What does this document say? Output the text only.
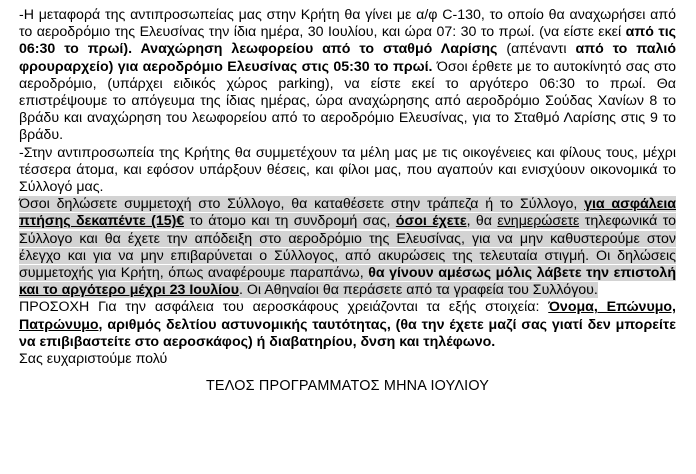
-Η μεταφορά της αντιπροσωπείας μας στην Κρήτη θα γίνει με α/φ C-130, το οποίο θα αναχωρήσει από το αεροδρόμιο της Ελευσίνας την ίδια ημέρα, 30 Ιουλίου, και ώρα 07: 30 το πρωί. (να είστε εκεί από τις 06:30 το πρωί). Αναχώρηση λεωφορείου από το σταθμό Λαρίσης (απέναντι από το παλιό φρουραρχείο) για αεροδρόμιο Ελευσίνας στις 05:30 το πρωί. Όσοι έρθετε με το αυτοκίνητό σας στο αεροδρόμιο, (υπάρχει ειδικός χώρος parking), να είστε εκεί το αργότερο 06:30 το πρωί. Θα επιστρέψουμε το απόγευμα της ίδιας ημέρας, ώρα αναχώρησης από αεροδρόμιο Σούδας Χανίων 8 το βράδυ και αναχώρηση του λεωφορείου από το αεροδρόμιο Ελευσίνας, για το Σταθμό Λαρίσης στις 9 το βράδυ.

-Στην αντιπροσωπεία της Κρήτης θα συμμετέχουν τα μέλη μας με τις οικογένειες και φίλους τους, μέχρι τέσσερα άτομα, και εφόσον υπάρξουν θέσεις, και φίλοι μας, που αγαπούν και ενισχύουν οικονομικά το Σύλλογό μας.

Όσοι δηλώσετε συμμετοχή στο Σύλλογο, θα καταθέσετε στην τράπεζα ή το Σύλλογο, για ασφάλεια πτήσης δεκαπέντε (15)€ το άτομο και τη συνδρομή σας, όσοι έχετε, θα ενημερώσετε τηλεφωνικά το Σύλλογο και θα έχετε την απόδειξη στο αεροδρόμιο της Ελευσίνας, για να μην καθυστερούμε στον έλεγχο και για να μην επιβαρύνεται ο Σύλλογος, από ακυρώσεις της τελευταία στιγμή. Οι δηλώσεις συμμετοχής για Κρήτη, όπως αναφέρουμε παραπάνω, θα γίνουν αμέσως μόλις λάβετε την επιστολή και το αργότερο μέχρι 23 Ιουλίου. Οι Αθηναίοι θα περάσετε από τα γραφεία του Συλλόγου.

ΠΡΟΣΟΧΗ Για την ασφάλεια του αεροσκάφους χρειάζονται τα εξής στοιχεία: Όνομα, Επώνυμο, Πατρώνυμο, αριθμός δελτίου αστυνομικής ταυτότητας, (θα την έχετε μαζί σας γιατί δεν μπορείτε να επιβιβαστείτε στο αεροσκάφος) ή διαβατηρίου, δνση και τηλέφωνο.

Σας ευχαριστούμε πολύ

ΤΕΛΟΣ ΠΡΟΓΡΑΜΜΑΤΟΣ ΜΗΝΑ ΙΟΥΛΙΟΥ
